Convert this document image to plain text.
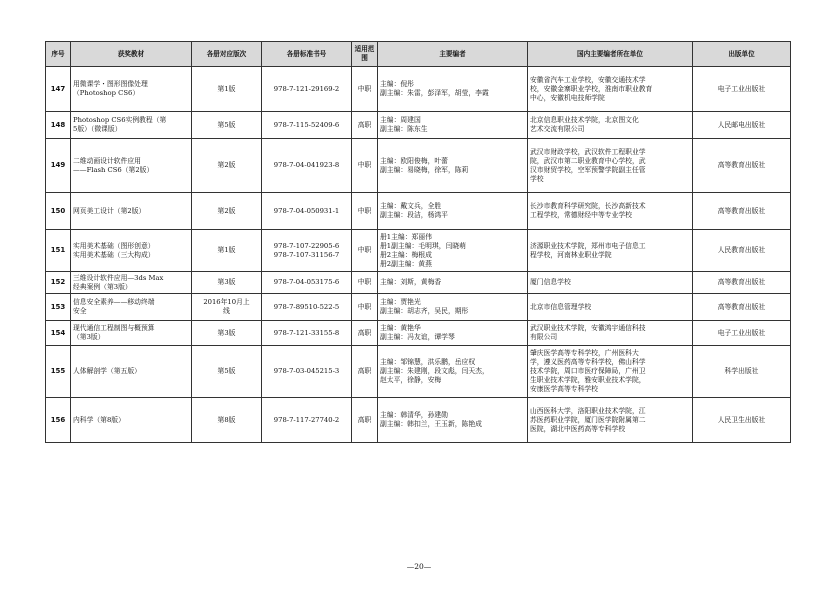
序号	获奖教材	各册对应版次	各册标准书号	适用范围	主要编者	国内主要编者所在单位	出版单位
147	用微课学・图形图像处理
（Photoshop CS6）	第1版	978-7-121-29169-2	中职	主编：倪彤
副主编：朱雷，彭泽军，胡莹，李霞	安徽省汽车工业学校，安徽交通技术学
校，安徽金寨职业学校，淮南市职业教育
中心，安徽机电技师学院	电子工业出版社
148	Photoshop CS6实例教程（第
5版）（微课版）	第5版	978-7-115-52409-6	高职	主编：周建国
副主编：陈东生	北京信息职业技术学院，北京图文化
艺术交流有限公司	人民邮电出版社
149	二维动画设计软件应用
——Flash CS6（第2版）	第2版	978-7-04-041923-8	中职	主编：欧阳俊梅，叶蕾
副主编：易晓梅，徐军，陈莉	武汉市财政学校，武汉软件工程职业学
院，武汉市第二职业教育中心学校，武
汉市财贸学校，空军预警学院副主任管
学校	高等教育出版社
150	网页美工设计（第2版）	第2版	978-7-04-050931-1	中职	主编：戴文兵，全胜
副主编：段洁，杨鸿平	长沙市教育科学研究院，长沙高新技术
工程学校，常德财经中等专业学校	高等教育出版社
151	实用美术基础（图形创意）
实用美术基础（三大构成）	第1版	978-7-107-22905-6
978-7-107-31156-7	中职	册1主编：郑丽伟
册1副主编：毛明琪，闫晓萌
册2主编：梅根成
册2副主编：黄燕	济源职业技术学院，郑州市电子信息工
程学校，河南林业职业学院	人民教育出版社
152	三维设计软件应用—3ds Max
经典案例（第3版）	第3版	978-7-04-053175-6	中职	主编：刘斯，黄梅香	厦门信息学校	高等教育出版社
153	信息安全素养——移动终端
安全	2016年10月上
线	978-7-89510-522-5	中职	主编：贾艳光
副主编：胡志齐，吴民，期彤	北京市信息管理学校	高等教育出版社
154	现代通信工程制图与概预算
（第3版）	第3版	978-7-121-33155-8	高职	主编：黄艳华
副主编：冯友谊，谭学琴	武汉职业技术学院，安徽鸿宇通信科技
有限公司	电子工业出版社
155	人体解剖学（第五版）	第5版	978-7-03-045215-3	高职	主编：邹锦慧，洪乐鹏，岳应权
副主编：朱建刚，段文彪，闫天杰，
赵太平，徐静，安梅	肇庆医学高等专科学校，广州医科大
学，遵义医药高等专科学校，佛山科学
技术学院，周口市医疗保障局，广州卫
生职业技术学院，雅安职业技术学院，
安康医学高等专科学校	科学出版社
156	内科学（第8版）	第8版	978-7-117-27740-2	高职	主编：韩清华，孙建勋
副主编：韩扣兰，王玉新，陈艳成	山西医科大学，洛阳职业技术学院，江
苏医药职业学院，厦门医学院附属第二
医院，湖北中医药高等专科学校	人民卫生出版社
—20—
